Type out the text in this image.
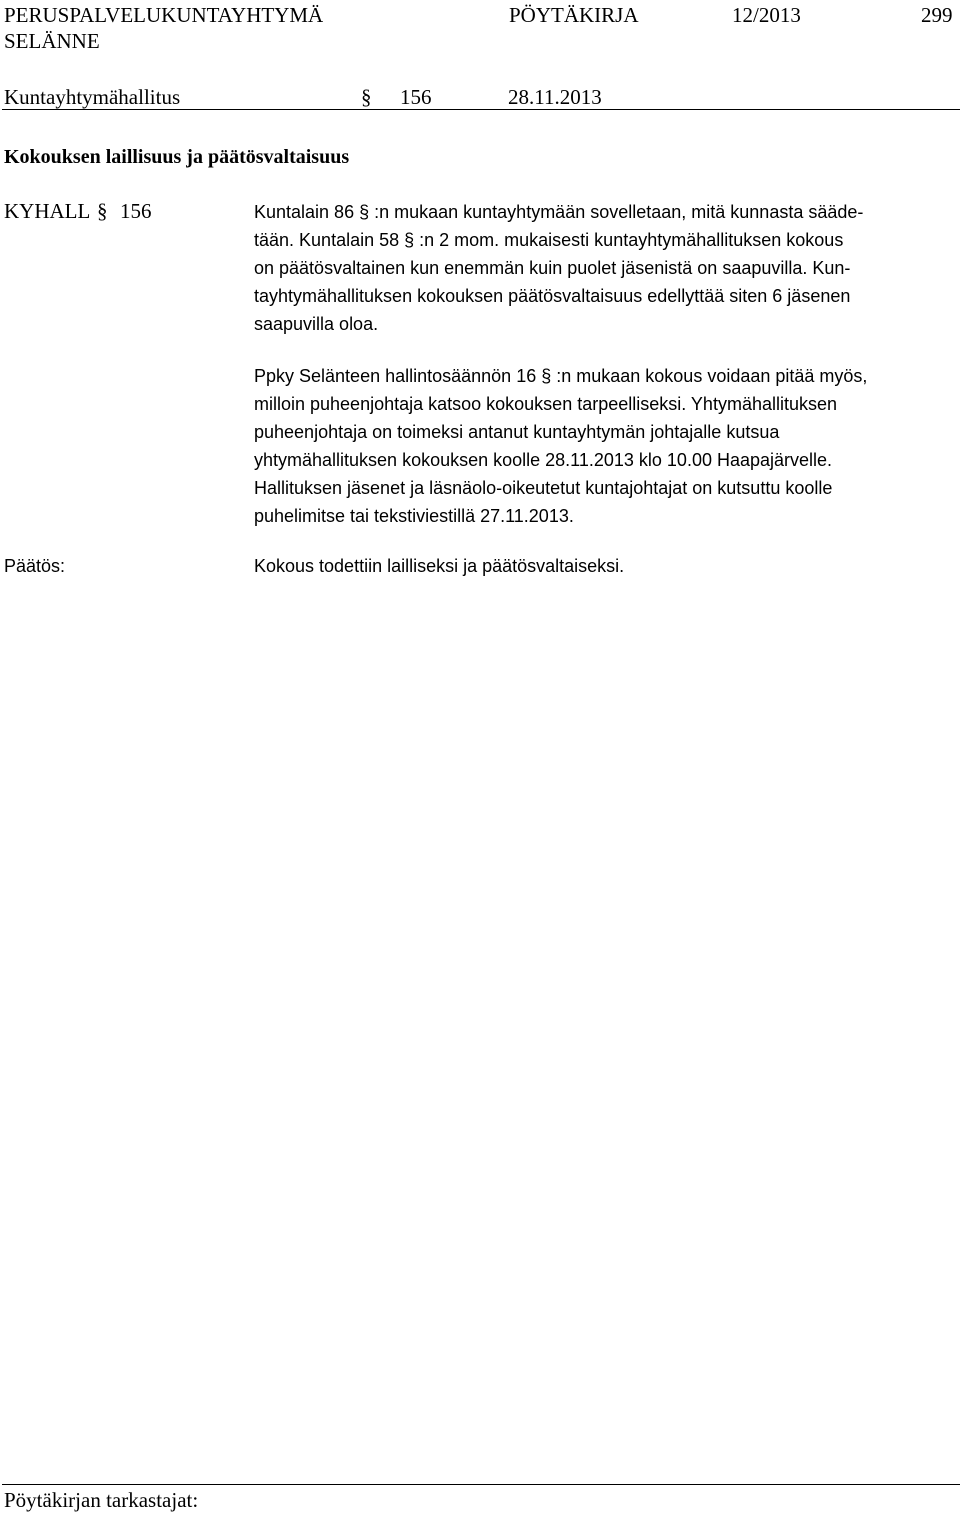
PERUSPALVELUKUNTAYHTYMÄ
SELÄNNE
PÖYTÄKIRJA	12/2013	299
Kuntayhtymähallitus	§ 156	28.11.2013
Kokouksen laillisuus ja päätösvaltaisuus
KYHALL § 156	Kuntalain 86 § :n mukaan kuntayhtymään sovelletaan, mitä kunnasta sääde-
tään. Kuntalain 58 § :n 2 mom. mukaisesti kuntayhtymähallituksen kokous
on päätösvaltainen kun enemmän kuin puolet jäsenistä on saapuvilla. Kun-
tayhtymähallituksen kokouksen päätösvaltaisuus edellyttää siten 6 jäsenen
saapuvilla oloa.
Ppky Selänteen hallintosäännön 16 § :n mukaan kokous voidaan pitää myös,
milloin puheenjohtaja katsoo kokouksen tarpeelliseksi. Yhtymähallituksen
puheenjohtaja on toimeksi antanut kuntayhtymän johtajalle kutsua
yhtymähallituksen kokouksen koolle 28.11.2013 klo 10.00 Haapajärvelle.
Hallituksen jäsenet ja läsnäolo-oikeutetut kuntajohtajat on kutsuttu koolle
puhelimitse tai tekstiviestillä 27.11.2013.
Päätös:	Kokous todettiin lailliseksi ja päätösvaltaiseksi.
Pöytäkirjan tarkastajat:
